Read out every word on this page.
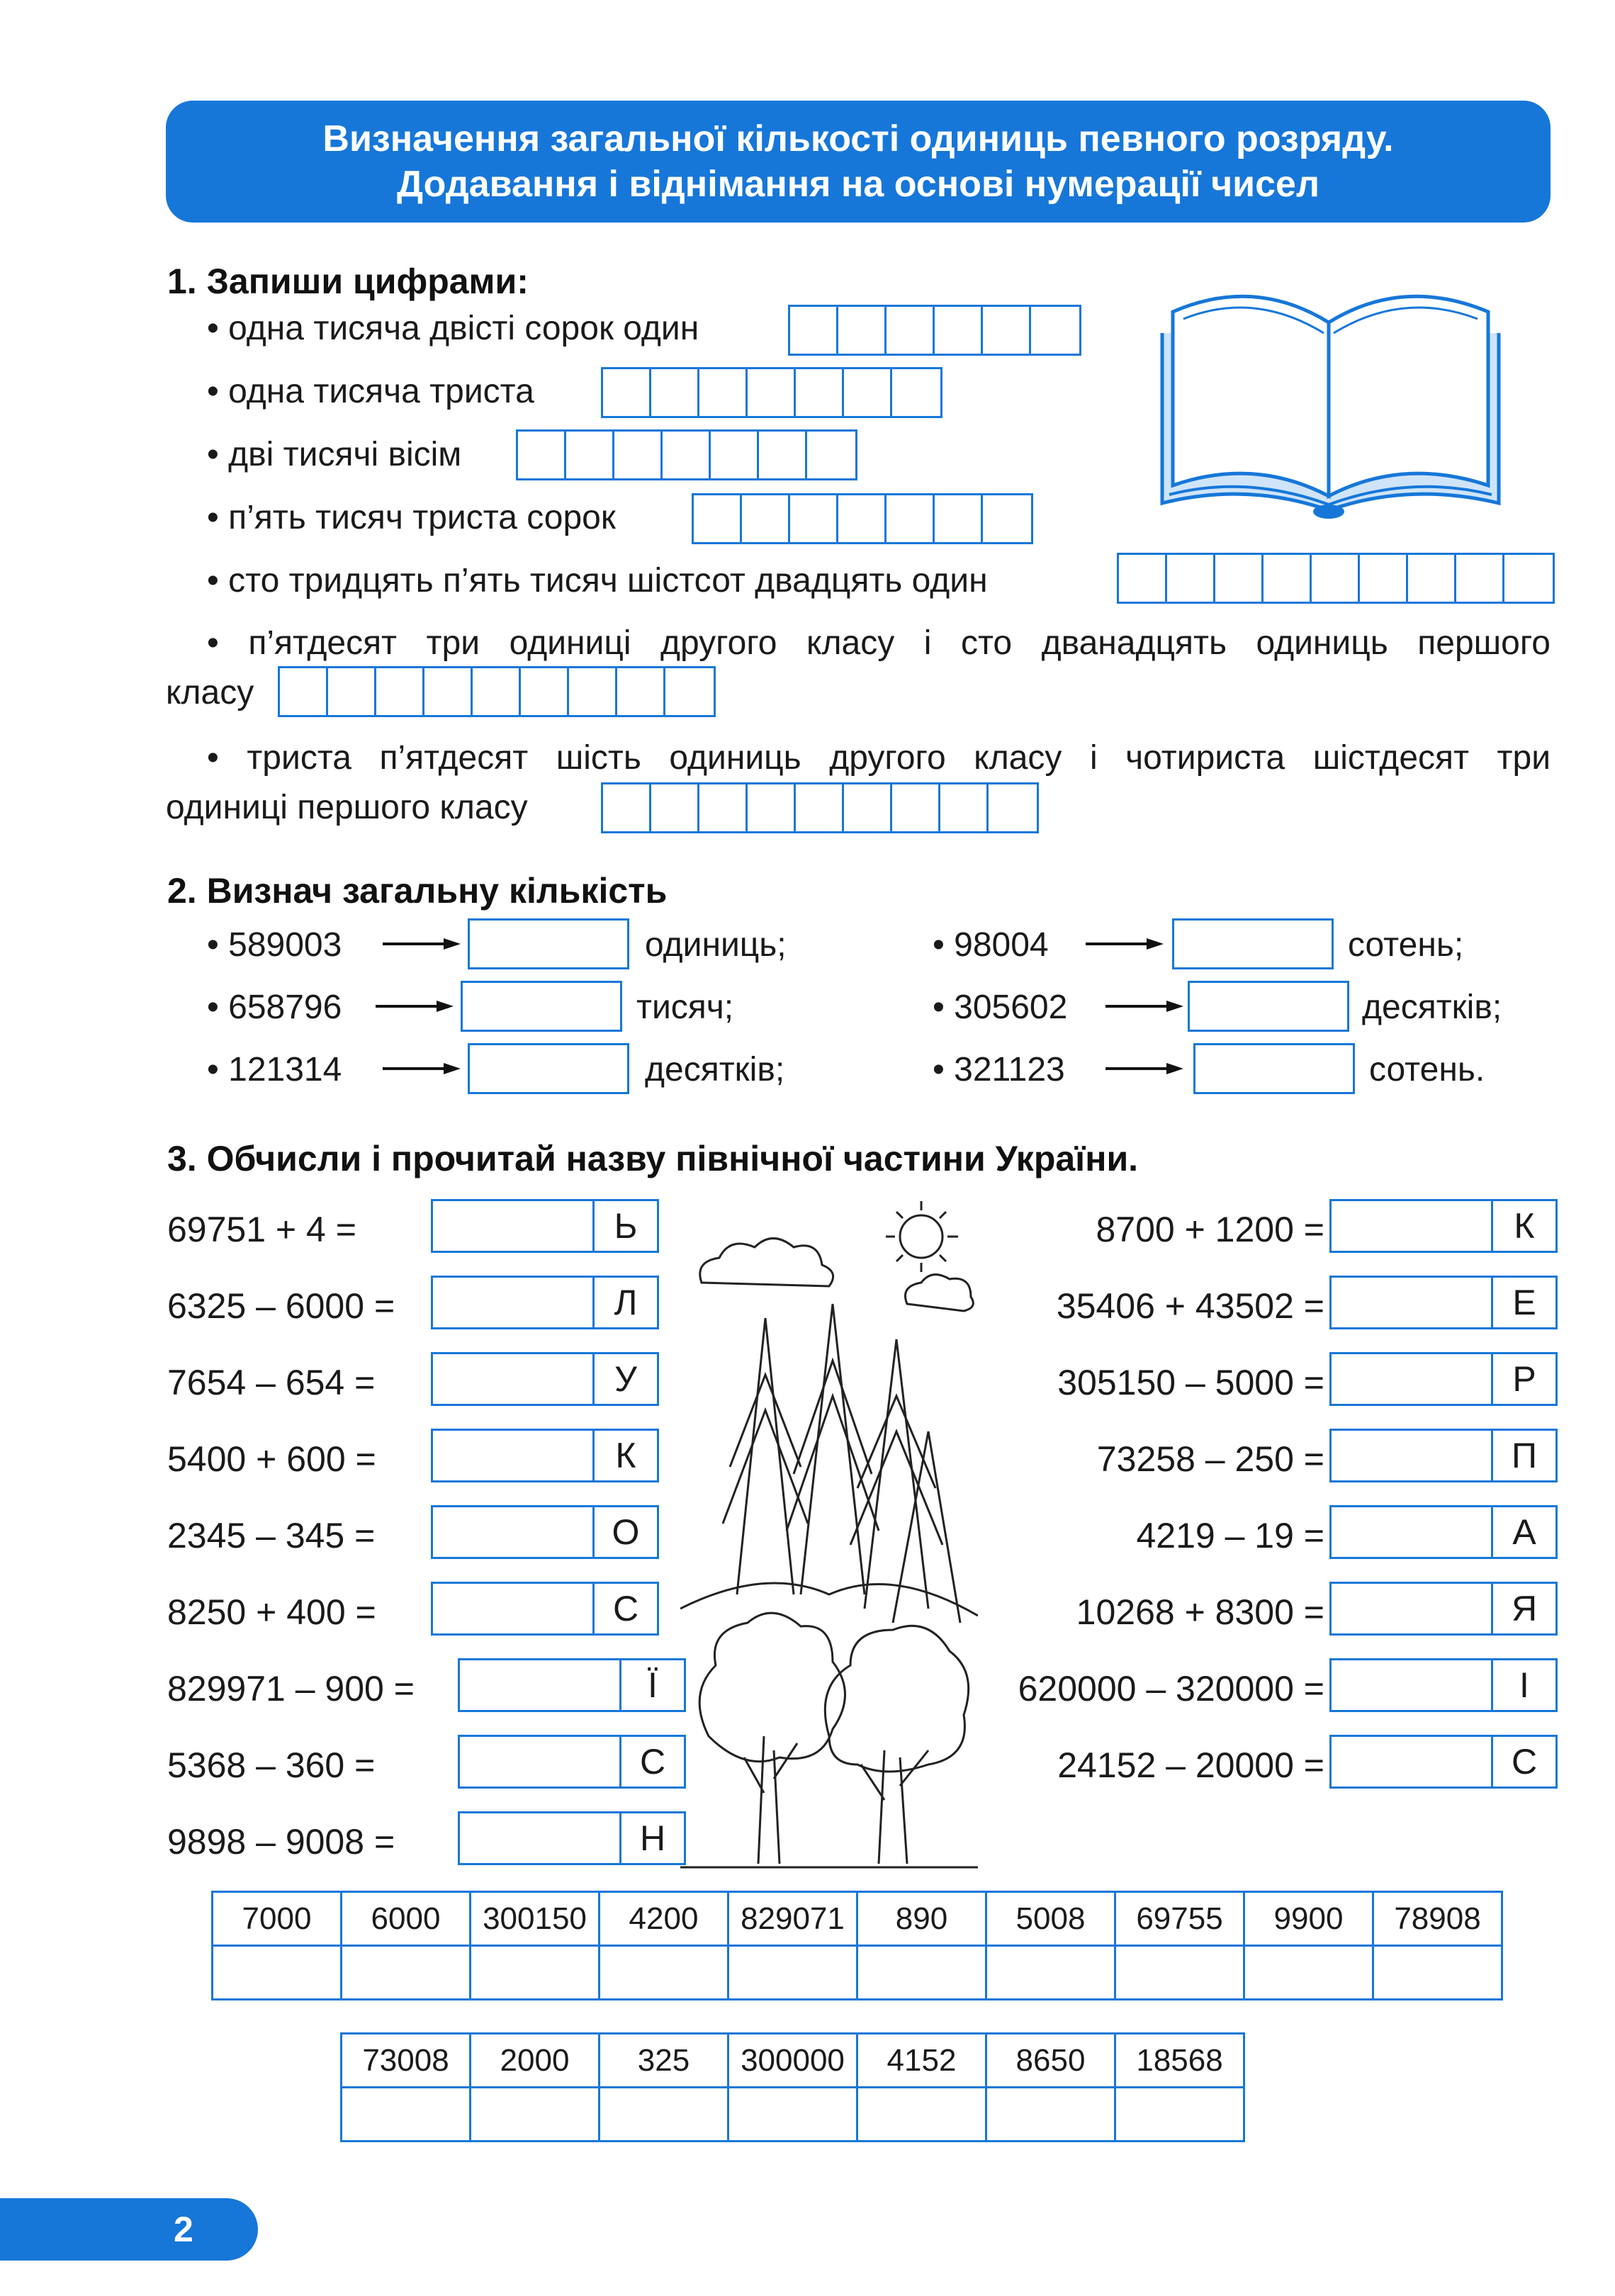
Визначення загальної кількості одиниць певного розряду.
Додавання і віднімання на основі нумерації чисел
1. Запиши цифрами:
• одна тисяча двісті сорок один
• одна тисяча триста
• дві тисячі вісім
• п’ять тисяч триста сорок
• сто тридцять п’ять тисяч шістсот двадцять один
• п’ятдесят три одиниці другого класу і сто дванадцять одиниць першого
класу
• триста п’ятдесят шість одиниць другого класу і чотириста шістдесят три
одиниці першого класу
2. Визнач загальну кількість
• 589003	одиниць;
• 658796	тисяч;
• 121314	десятків;
• 98004	сотень;
• 305602	десятків;
• 321123	сотень.
3. Обчисли і прочитай назву північної частини України.
69751 + 4 =	Ь
6325 – 6000 =	Л
7654 – 654 =	У
5400 + 600 =	К
2345 – 345 =	О
8250 + 400 =	С
829971 – 900 =	Ї
5368 – 360 =	С
9898 – 9008 =	Н
8700 + 1200 =	К
35406 + 43502 =	Е
305150 – 5000 =	Р
73258 – 250 =	П
4219 – 19 =	А
10268 + 8300 =	Я
620000 – 320000 =	І
24152 – 20000 =	С
7000	6000	300150	4200	829071	890	5008	69755	9900	78908

73008	2000	325	300000	4152	8650	18568

2
